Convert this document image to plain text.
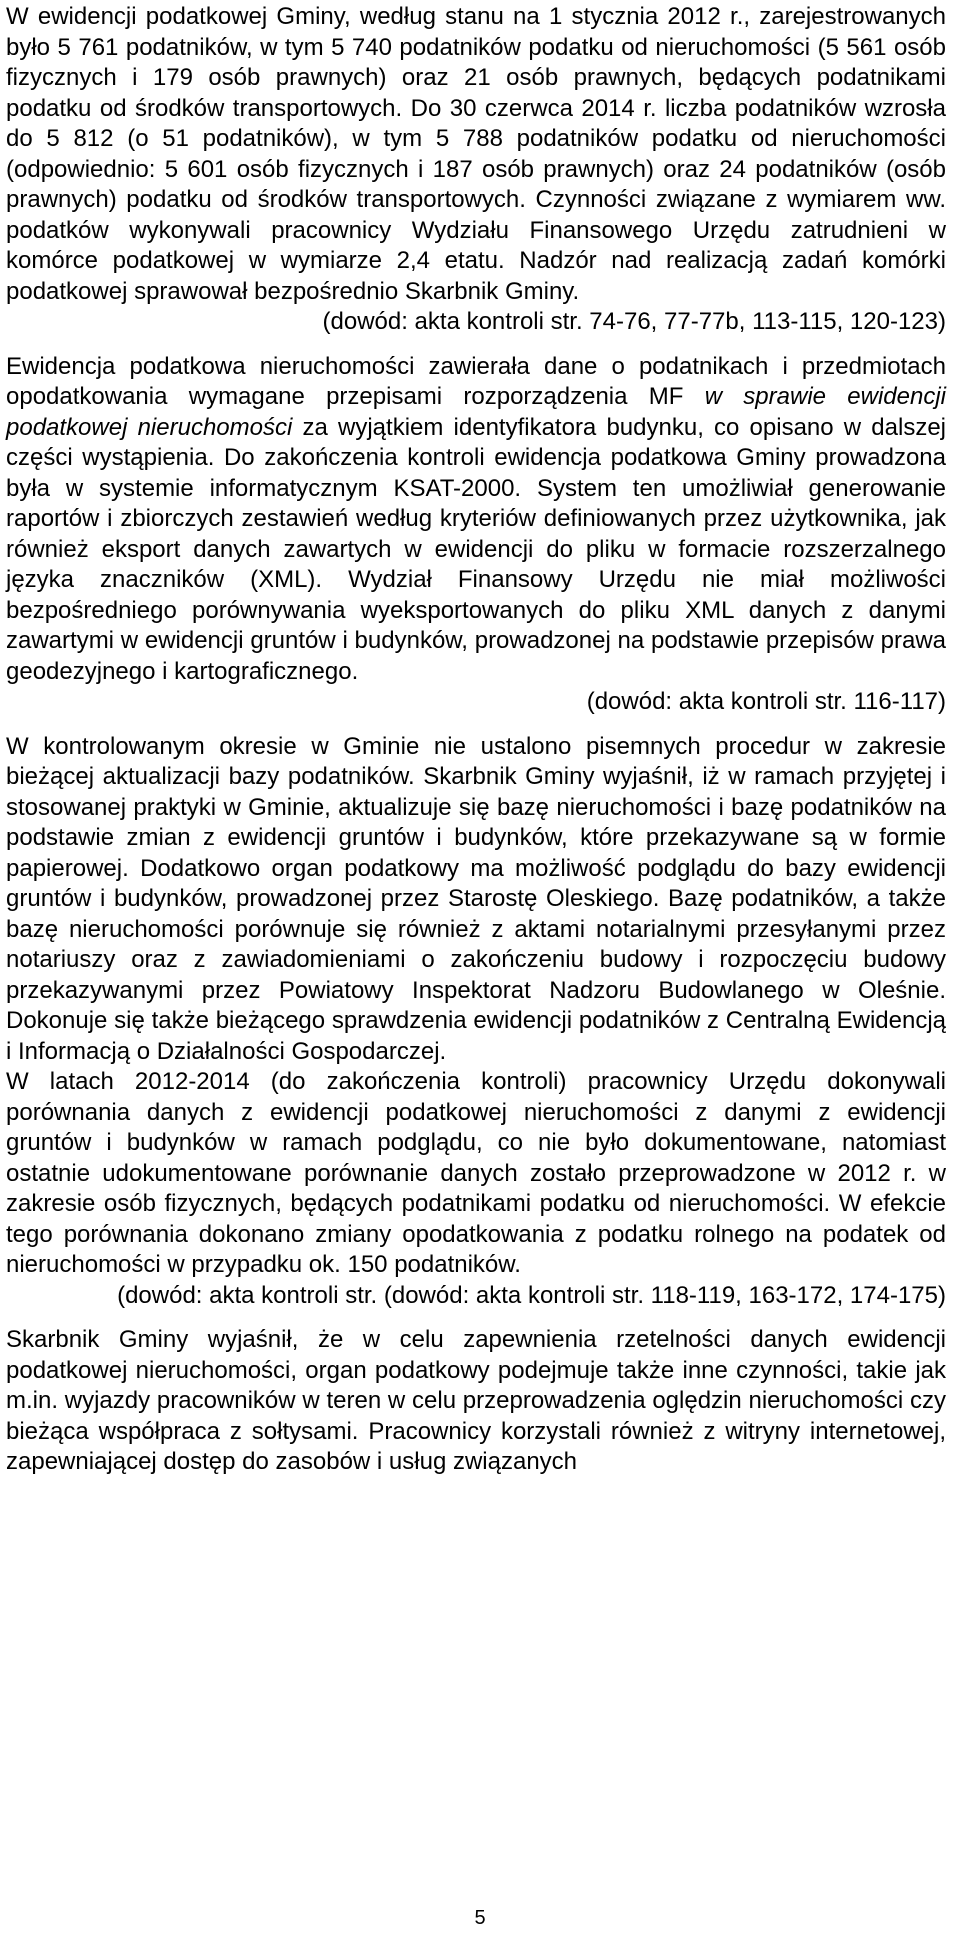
W ewidencji podatkowej Gminy, według stanu na 1 stycznia 2012 r., zarejestrowanych było 5 761 podatników, w tym 5 740 podatników podatku od nieruchomości (5 561 osób fizycznych i 179 osób prawnych) oraz 21 osób prawnych, będących podatnikami podatku od środków transportowych. Do 30 czerwca 2014 r. liczba podatników wzrosła do 5 812 (o 51 podatników), w tym 5 788 podatników podatku od nieruchomości (odpowiednio: 5 601 osób fizycznych i 187 osób prawnych) oraz 24 podatników (osób prawnych) podatku od środków transportowych. Czynności związane z wymiarem ww. podatków wykonywali pracownicy Wydziału Finansowego Urzędu zatrudnieni w komórce podatkowej w wymiarze 2,4 etatu. Nadzór nad realizacją zadań komórki podatkowej sprawował bezpośrednio Skarbnik Gminy.

(dowód: akta kontroli str. 74-76, 77-77b, 113-115, 120-123)

Ewidencja podatkowa nieruchomości zawierała dane o podatnikach i przedmiotach opodatkowania wymagane przepisami rozporządzenia MF w sprawie ewidencji podatkowej nieruchomości za wyjątkiem identyfikatora budynku, co opisano w dalszej części wystąpienia. Do zakończenia kontroli ewidencja podatkowa Gminy prowadzona była w systemie informatycznym KSAT-2000. System ten umożliwiał generowanie raportów i zbiorczych zestawień według kryteriów definiowanych przez użytkownika, jak również eksport danych zawartych w ewidencji do pliku w formacie rozszerzalnego języka znaczników (XML). Wydział Finansowy Urzędu nie miał możliwości bezpośredniego porównywania wyeksportowanych do pliku XML danych z danymi zawartymi w ewidencji gruntów i budynków, prowadzonej na podstawie przepisów prawa geodezyjnego i kartograficznego.

(dowód: akta kontroli str. 116-117)

W kontrolowanym okresie w Gminie nie ustalono pisemnych procedur w zakresie bieżącej aktualizacji bazy podatników. Skarbnik Gminy wyjaśnił, iż w ramach przyjętej i stosowanej praktyki w Gminie, aktualizuje się bazę nieruchomości i bazę podatników na podstawie zmian z ewidencji gruntów i budynków, które przekazywane są w formie papierowej. Dodatkowo organ podatkowy ma możliwość podglądu do bazy ewidencji gruntów i budynków, prowadzonej przez Starostę Oleskiego. Bazę podatników, a także bazę nieruchomości porównuje się również z aktami notarialnymi przesyłanymi przez notariuszy oraz z zawiadomieniami o zakończeniu budowy i rozpoczęciu budowy przekazywanymi przez Powiatowy Inspektorat Nadzoru Budowlanego w Oleśnie. Dokonuje się także bieżącego sprawdzenia ewidencji podatników z Centralną Ewidencją i Informacją o Działalności Gospodarczej.

W latach 2012-2014 (do zakończenia kontroli) pracownicy Urzędu dokonywali porównania danych z ewidencji podatkowej nieruchomości z danymi z ewidencji gruntów i budynków w ramach podglądu, co nie było dokumentowane, natomiast ostatnie udokumentowane porównanie danych zostało przeprowadzone w 2012 r. w zakresie osób fizycznych, będących podatnikami podatku od nieruchomości. W efekcie tego porównania dokonano zmiany opodatkowania z podatku rolnego na podatek od nieruchomości w przypadku ok. 150 podatników.

(dowód: akta kontroli str. (dowód: akta kontroli str. 118-119, 163-172, 174-175)

Skarbnik Gminy wyjaśnił, że w celu zapewnienia rzetelności danych ewidencji podatkowej nieruchomości, organ podatkowy podejmuje także inne czynności, takie jak m.in. wyjazdy pracowników w teren w celu przeprowadzenia oględzin nieruchomości czy bieżąca współpraca z sołtysami. Pracownicy korzystali również z witryny internetowej, zapewniającej dostęp do zasobów i usług związanych

5
